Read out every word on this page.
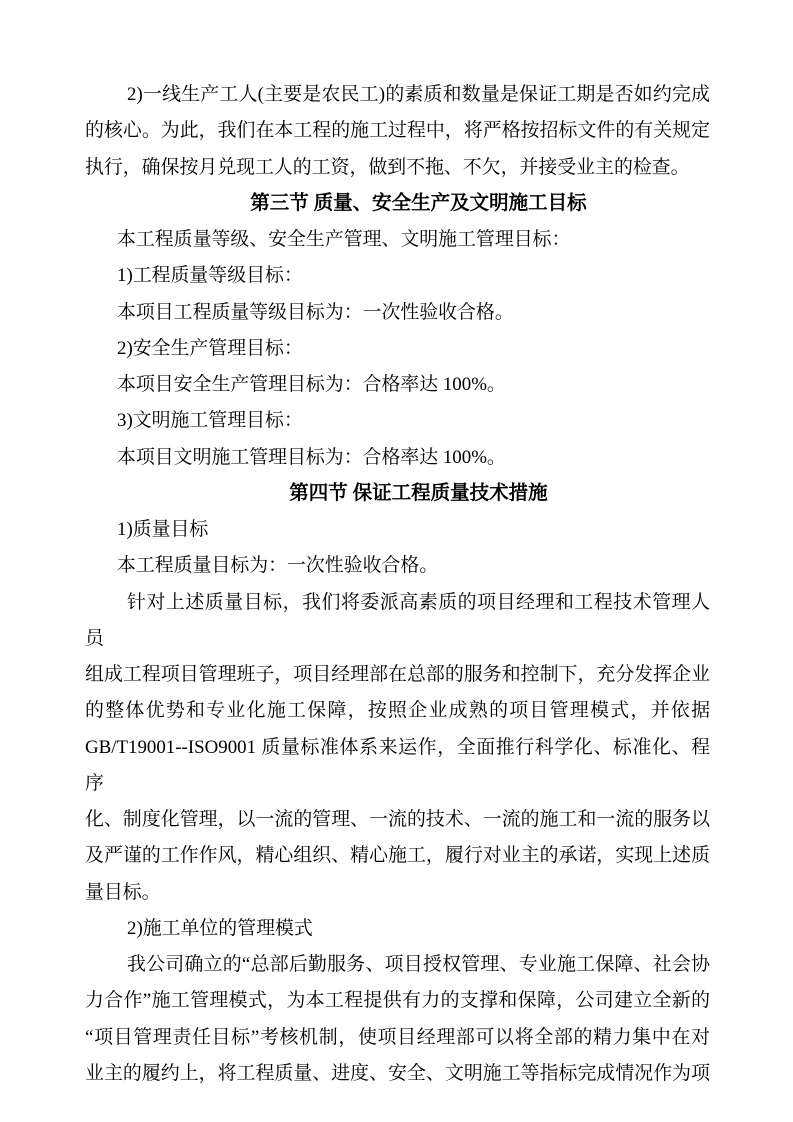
2)一线生产工人(主要是农民工)的素质和数量是保证工期是否如约完成
的核心。为此，我们在本工程的施工过程中，将严格按招标文件的有关规定
执行，确保按月兑现工人的工资，做到不拖、不欠，并接受业主的检查。
第三节 质量、安全生产及文明施工目标
本工程质量等级、安全生产管理、文明施工管理目标：
1)工程质量等级目标：
本项目工程质量等级目标为：一次性验收合格。
2)安全生产管理目标：
本项目安全生产管理目标为：合格率达 100%。
3)文明施工管理目标：
本项目文明施工管理目标为：合格率达 100%。
第四节 保证工程质量技术措施
1)质量目标
本工程质量目标为：一次性验收合格。
针对上述质量目标，我们将委派高素质的项目经理和工程技术管理人员
组成工程项目管理班子，项目经理部在总部的服务和控制下，充分发挥企业
的整体优势和专业化施工保障，按照企业成熟的项目管理模式，并依据
GB/T19001--ISO9001 质量标准体系来运作，全面推行科学化、标准化、程序
化、制度化管理，以一流的管理、一流的技术、一流的施工和一流的服务以
及严谨的工作作风，精心组织、精心施工，履行对业主的承诺，实现上述质
量目标。
2)施工单位的管理模式
我公司确立的“总部后勤服务、项目授权管理、专业施工保障、社会协
力合作”施工管理模式，为本工程提供有力的支撑和保障，公司建立全新的
“项目管理责任目标”考核机制，使项目经理部可以将全部的精力集中在对
业主的履约上，将工程质量、进度、安全、文明施工等指标完成情况作为项
